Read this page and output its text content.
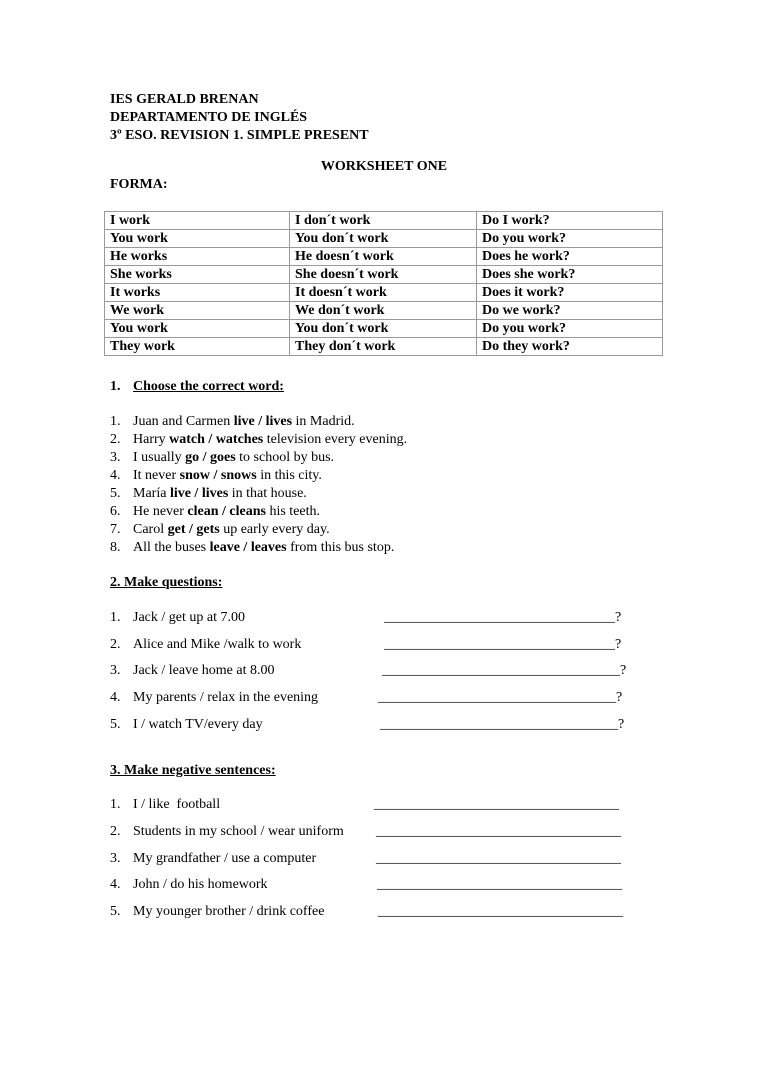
IES GERALD BRENAN
DEPARTAMENTO DE INGLÉS
3º ESO. REVISION 1. SIMPLE PRESENT
WORKSHEET ONE
FORMA:
I work	I don´t work	Do I work?
You work	You don´t work	Do you work?
He works	He doesn´t work	Does he work?
She works	She doesn´t work	Does she work?
It works	It doesn´t work	Does it work?
We work	We don´t work	Do we work?
You work	You don´t work	Do you work?
They work	They don´t work	Do they work?
1. Choose the correct word:
1. Juan and Carmen live / lives in Madrid.
2. Harry watch / watches television every evening.
3. I usually go / goes to school by bus.
4. It never snow / snows in this city.
5. María live / lives in that house.
6. He never clean / cleans his teeth.
7. Carol get / gets up early every day.
8. All the buses leave / leaves from this bus stop.
2. Make questions:
1. Jack / get up at 7.00	_________________________________?
2. Alice and Mike /walk to work	_________________________________?
3. Jack / leave home at 8.00	__________________________________?
4. My parents / relax in the evening	__________________________________?
5. I / watch TV/every day	__________________________________?
3. Make negative sentences:
1. I / like  football	___________________________________
2. Students in my school / wear uniform ___________________________________
3. My grandfather / use a computer	___________________________________
4. John / do his homework	___________________________________
5. My younger brother / drink coffee	___________________________________
